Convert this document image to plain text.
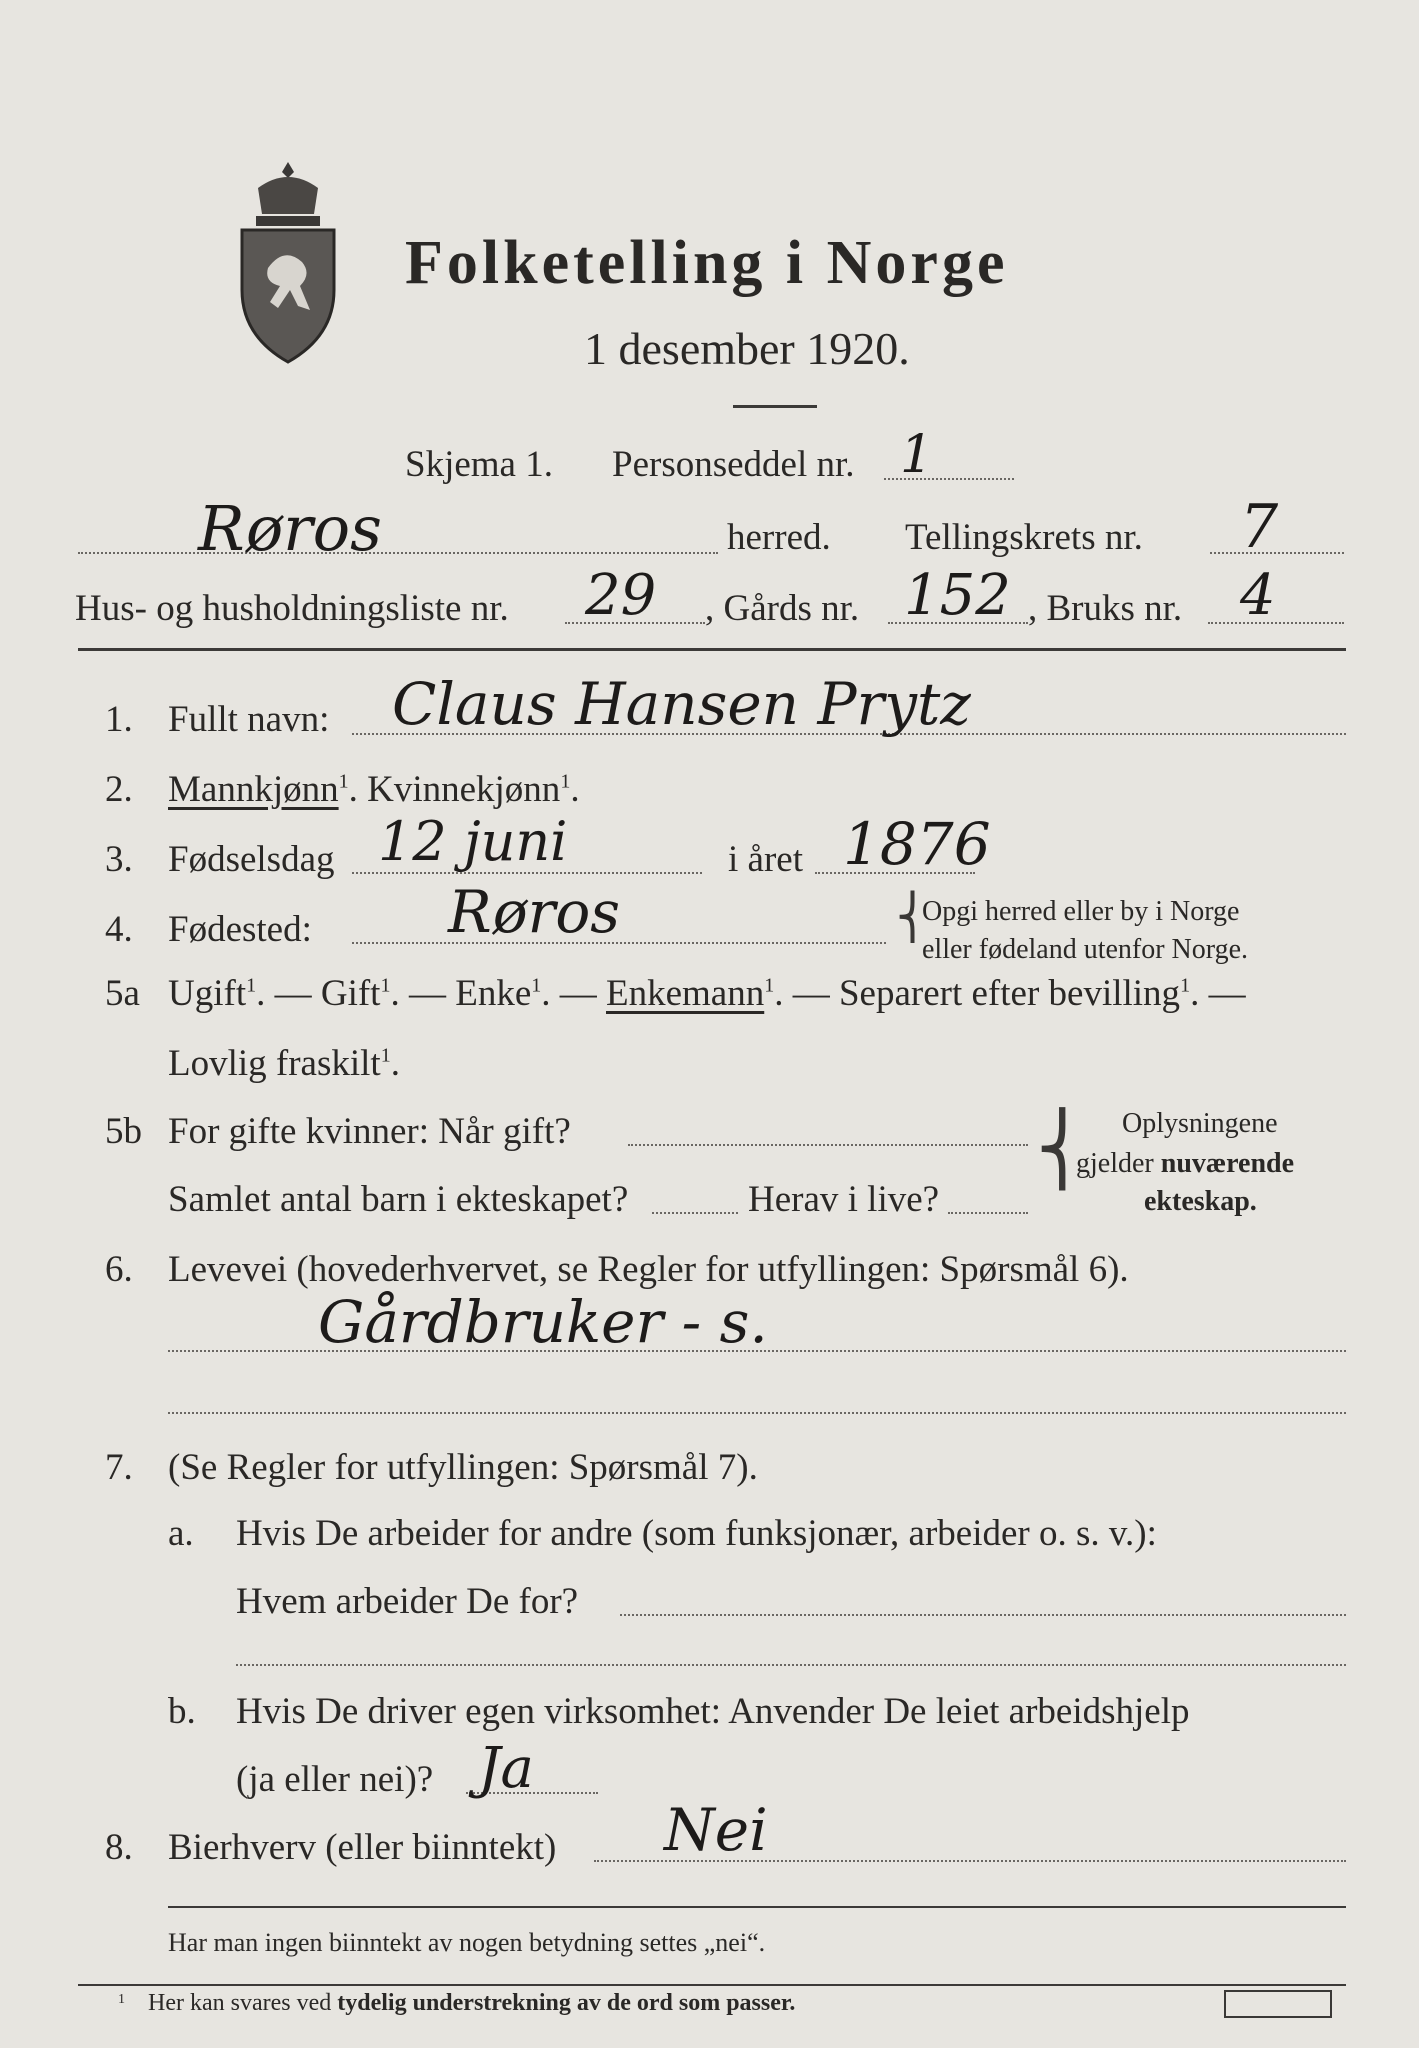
Folketelling i Norge
1 desember 1920.
Skjema 1. Personseddel nr. 1
Røros	herred. Tellingskrets nr. 7
Hus- og husholdningsliste nr. 29 , Gårds nr. 152 , Bruks nr. 4
1. Fullt navn: Claus Hansen Prytz
2. Mannkjønn$^1$. Kvinnekjønn$^1$.
3. Fødselsdag 12 juni	i året 1876
4. Fødested: Røros	⎨
Opgi herred eller by i Norge
eller fødeland utenfor Norge.
5a Ugift$^1$. — Gift$^1$. — Enke$^1$. — Enkemann$^1$. — Separert efter bevilling$^1$. —
Lovlig fraskilt$^1$.
5b For gifte kvinner: Når gift?
Samlet antal barn i ekteskapet?	Herav i live?
⎨ Oplysningene
gjelder nuværende
ekteskap.
6. Levevei (hovederhvervet, se Regler for utfyllingen: Spørsmål 6).
Gårdbruker - s.
7. (Se Regler for utfyllingen: Spørsmål 7).
a. Hvis De arbeider for andre (som funksjonær, arbeider o. s. v.):
Hvem arbeider De for?
b. Hvis De driver egen virksomhet: Anvender De leiet arbeidshjelp
(ja eller nei)? Ja
8. Bierhverv (eller biinntekt) Nei
Har man ingen biinntekt av nogen betydning settes „nei“.
1 Her kan svares ved tydelig understrekning av de ord som passer.
